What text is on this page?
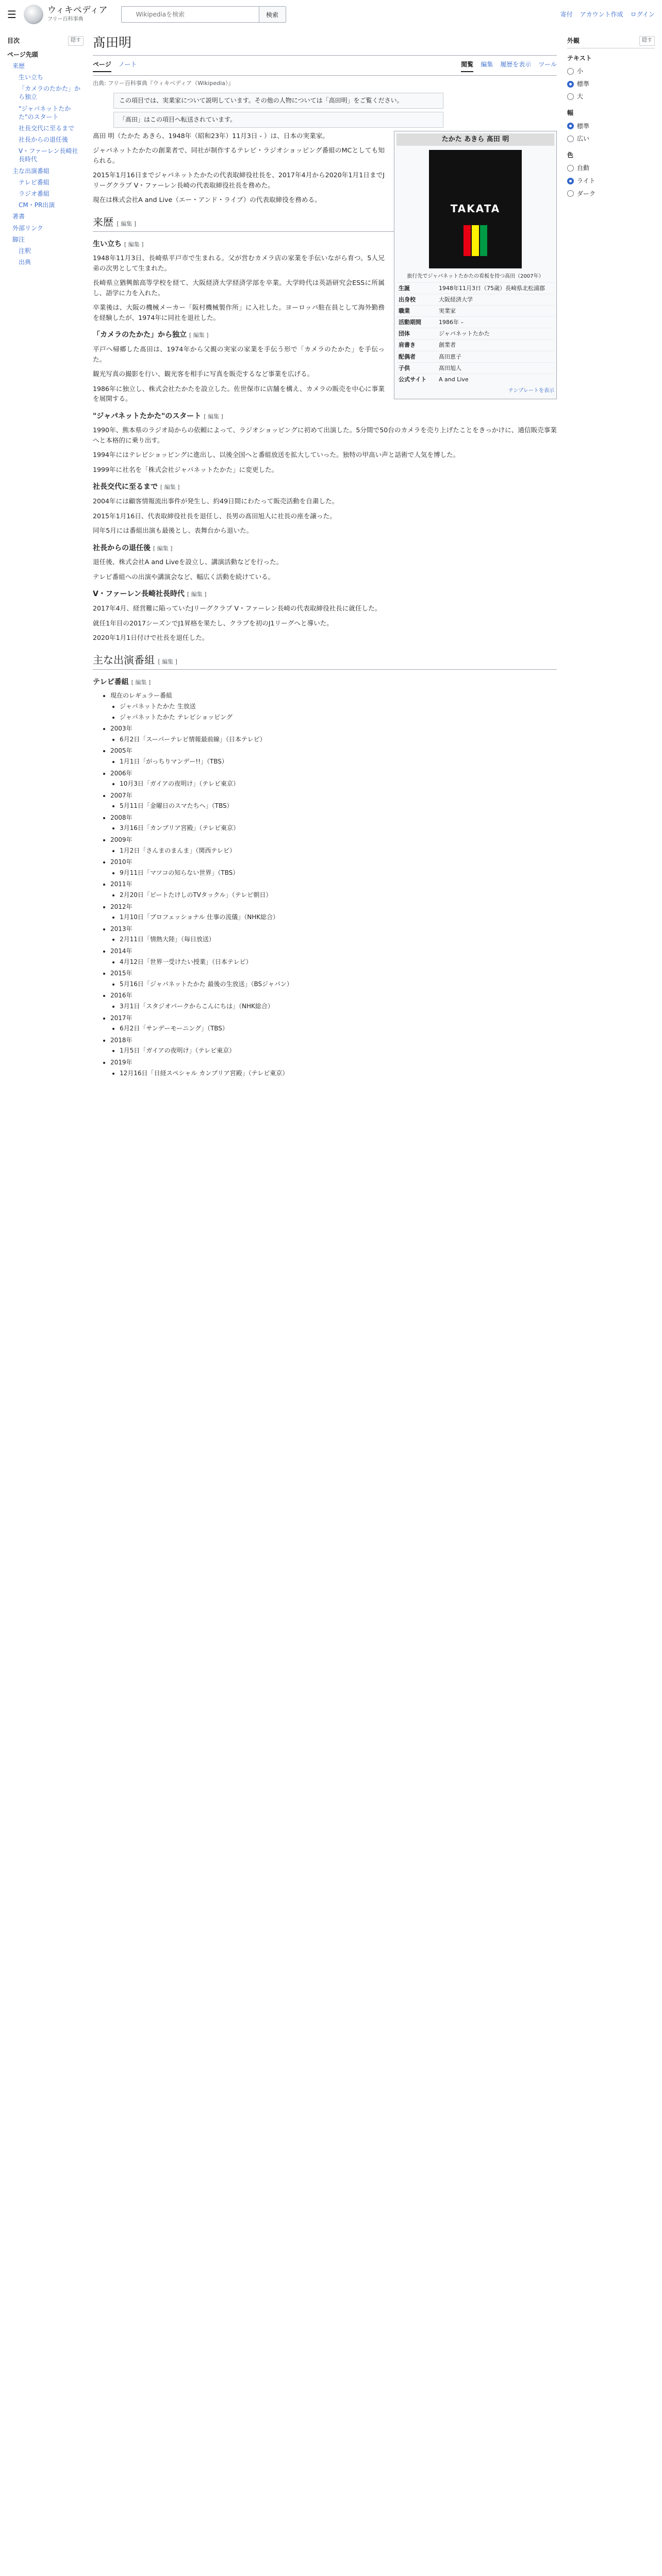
☰	ウィキペディア
フリー百科事典
Wikipediaを検索
検索	寄付 アカウント作成 ログイン
目次	隠す
ページ先頭
来歴
生い立ち
「カメラのたかた」から独立
"ジャパネットたかた"のスタート
社長交代に至るまで
社長からの退任後
V・ファーレン長崎社長時代
主な出演番組
テレビ番組
ラジオ番組
CM・PR出演
著書
外部リンク
脚注
注釈
出典
外観	隠す
テキスト
小
標準
大
幅
標準
広い
色
自動
ライト
ダーク
髙田明
ページ ノート	閲覧 編集 履歴を表示 ツール
出典: フリー百科事典『ウィキペディア（Wikipedia）』
この項目では、実業家について説明しています。その他の人物については「高田明」をご覧ください。
「髙田」はこの項目へ転送されています。
たかた あきら 髙田 明
TAKATA
旅行先でジャパネットたかたの看板を持つ髙田（2007年）
生誕	1948年11月3日（75歳）長崎県北松浦郡
出身校	大阪経済大学
職業	実業家
活動期間	1986年 –
団体	ジャパネットたかた
肩書き	創業者
配偶者	髙田恵子
子供	髙田旭人
公式サイト	A and Live
テンプレートを表示

髙田 明（たかた あきら、1948年（昭和23年）11月3日 - ）は、日本の実業家。

ジャパネットたかたの創業者で、同社が制作するテレビ・ラジオショッピング番組のMCとしても知られる。

2015年1月16日までジャパネットたかたの代表取締役社長を、2017年4月から2020年1月1日までJリーグクラブ V・ファーレン長崎の代表取締役社長を務めた。

現在は株式会社A and Live（エー・アンド・ライブ）の代表取締役を務める。

来歴 [ 編集 ]
生い立ち [ 編集 ]

1948年11月3日、長崎県平戸市で生まれる。父が営むカメラ店の家業を手伝いながら育つ。5人兄弟の次男として生まれた。

長崎県立猶興館高等学校を経て、大阪経済大学経済学部を卒業。大学時代は英語研究会ESSに所属し、語学に力を入れた。

卒業後は、大阪の機械メーカー「阪村機械製作所」に入社した。ヨーロッパ駐在員として海外勤務を経験したが、1974年に同社を退社した。

「カメラのたかた」から独立 [ 編集 ]

平戸へ帰郷した髙田は、1974年から父親の実家の家業を手伝う形で「カメラのたかた」を手伝った。

観光写真の撮影を行い、観光客を相手に写真を販売するなど事業を広げる。

1986年に独立し、株式会社たかたを設立した。佐世保市に店舗を構え、カメラの販売を中心に事業を展開する。

"ジャパネットたかた"のスタート [ 編集 ]

1990年、熊本県のラジオ局からの依頼によって、ラジオショッピングに初めて出演した。5分間で50台のカメラを売り上げたことをきっかけに、通信販売事業へと本格的に乗り出す。

1994年にはテレビショッピングに進出し、以後全国へと番組放送を拡大していった。独特の甲高い声と話術で人気を博した。

1999年に社名を「株式会社ジャパネットたかた」に変更した。

社長交代に至るまで [ 編集 ]

2004年には顧客情報流出事件が発生し、約49日間にわたって販売活動を自粛した。

2015年1月16日、代表取締役社長を退任し、長男の髙田旭人に社長の座を譲った。

同年5月には番組出演も最後とし、表舞台から退いた。

社長からの退任後 [ 編集 ]

退任後、株式会社A and Liveを設立し、講演活動などを行った。

テレビ番組への出演や講演会など、幅広く活動を続けている。

V・ファーレン長崎社長時代 [ 編集 ]

2017年4月、経営難に陥っていたJリーグクラブ V・ファーレン長崎の代表取締役社長に就任した。

就任1年目の2017シーズンでJ1昇格を果たし、クラブを初のJ1リーグへと導いた。

2020年1月1日付けで社長を退任した。

主な出演番組 [ 編集 ]
テレビ番組 [ 編集 ]
• 現在のレギュラー番組
• ジャパネットたかた 生放送
• ジャパネットたかた テレビショッピング
• 2003年
• 6月2日「スーパーテレビ情報最前線」（日本テレビ）
• 2005年
• 1月1日「がっちりマンデー!!」（TBS）
• 2006年
• 10月3日「ガイアの夜明け」（テレビ東京）
• 2007年
• 5月11日「金曜日のスマたちへ」（TBS）
• 2008年
• 3月16日「カンブリア宮殿」（テレビ東京）
• 2009年
• 1月2日「さんまのまんま」（関西テレビ）
• 2010年
• 9月11日「マツコの知らない世界」（TBS）
• 2011年
• 2月20日「ビートたけしのTVタックル」（テレビ朝日）
• 2012年
• 1月10日「プロフェッショナル 仕事の流儀」（NHK総合）
• 2013年
• 2月11日「情熱大陸」（毎日放送）
• 2014年
• 4月12日「世界一受けたい授業」（日本テレビ）
• 2015年
• 5月16日「ジャパネットたかた 最後の生放送」（BSジャパン）
• 2016年
• 3月1日「スタジオパークからこんにちは」（NHK総合）
• 2017年
• 6月2日「サンデーモーニング」（TBS）
• 2018年
• 1月5日「ガイアの夜明け」（テレビ東京）
• 2019年
• 12月16日「日経スペシャル カンブリア宮殿」（テレビ東京）
